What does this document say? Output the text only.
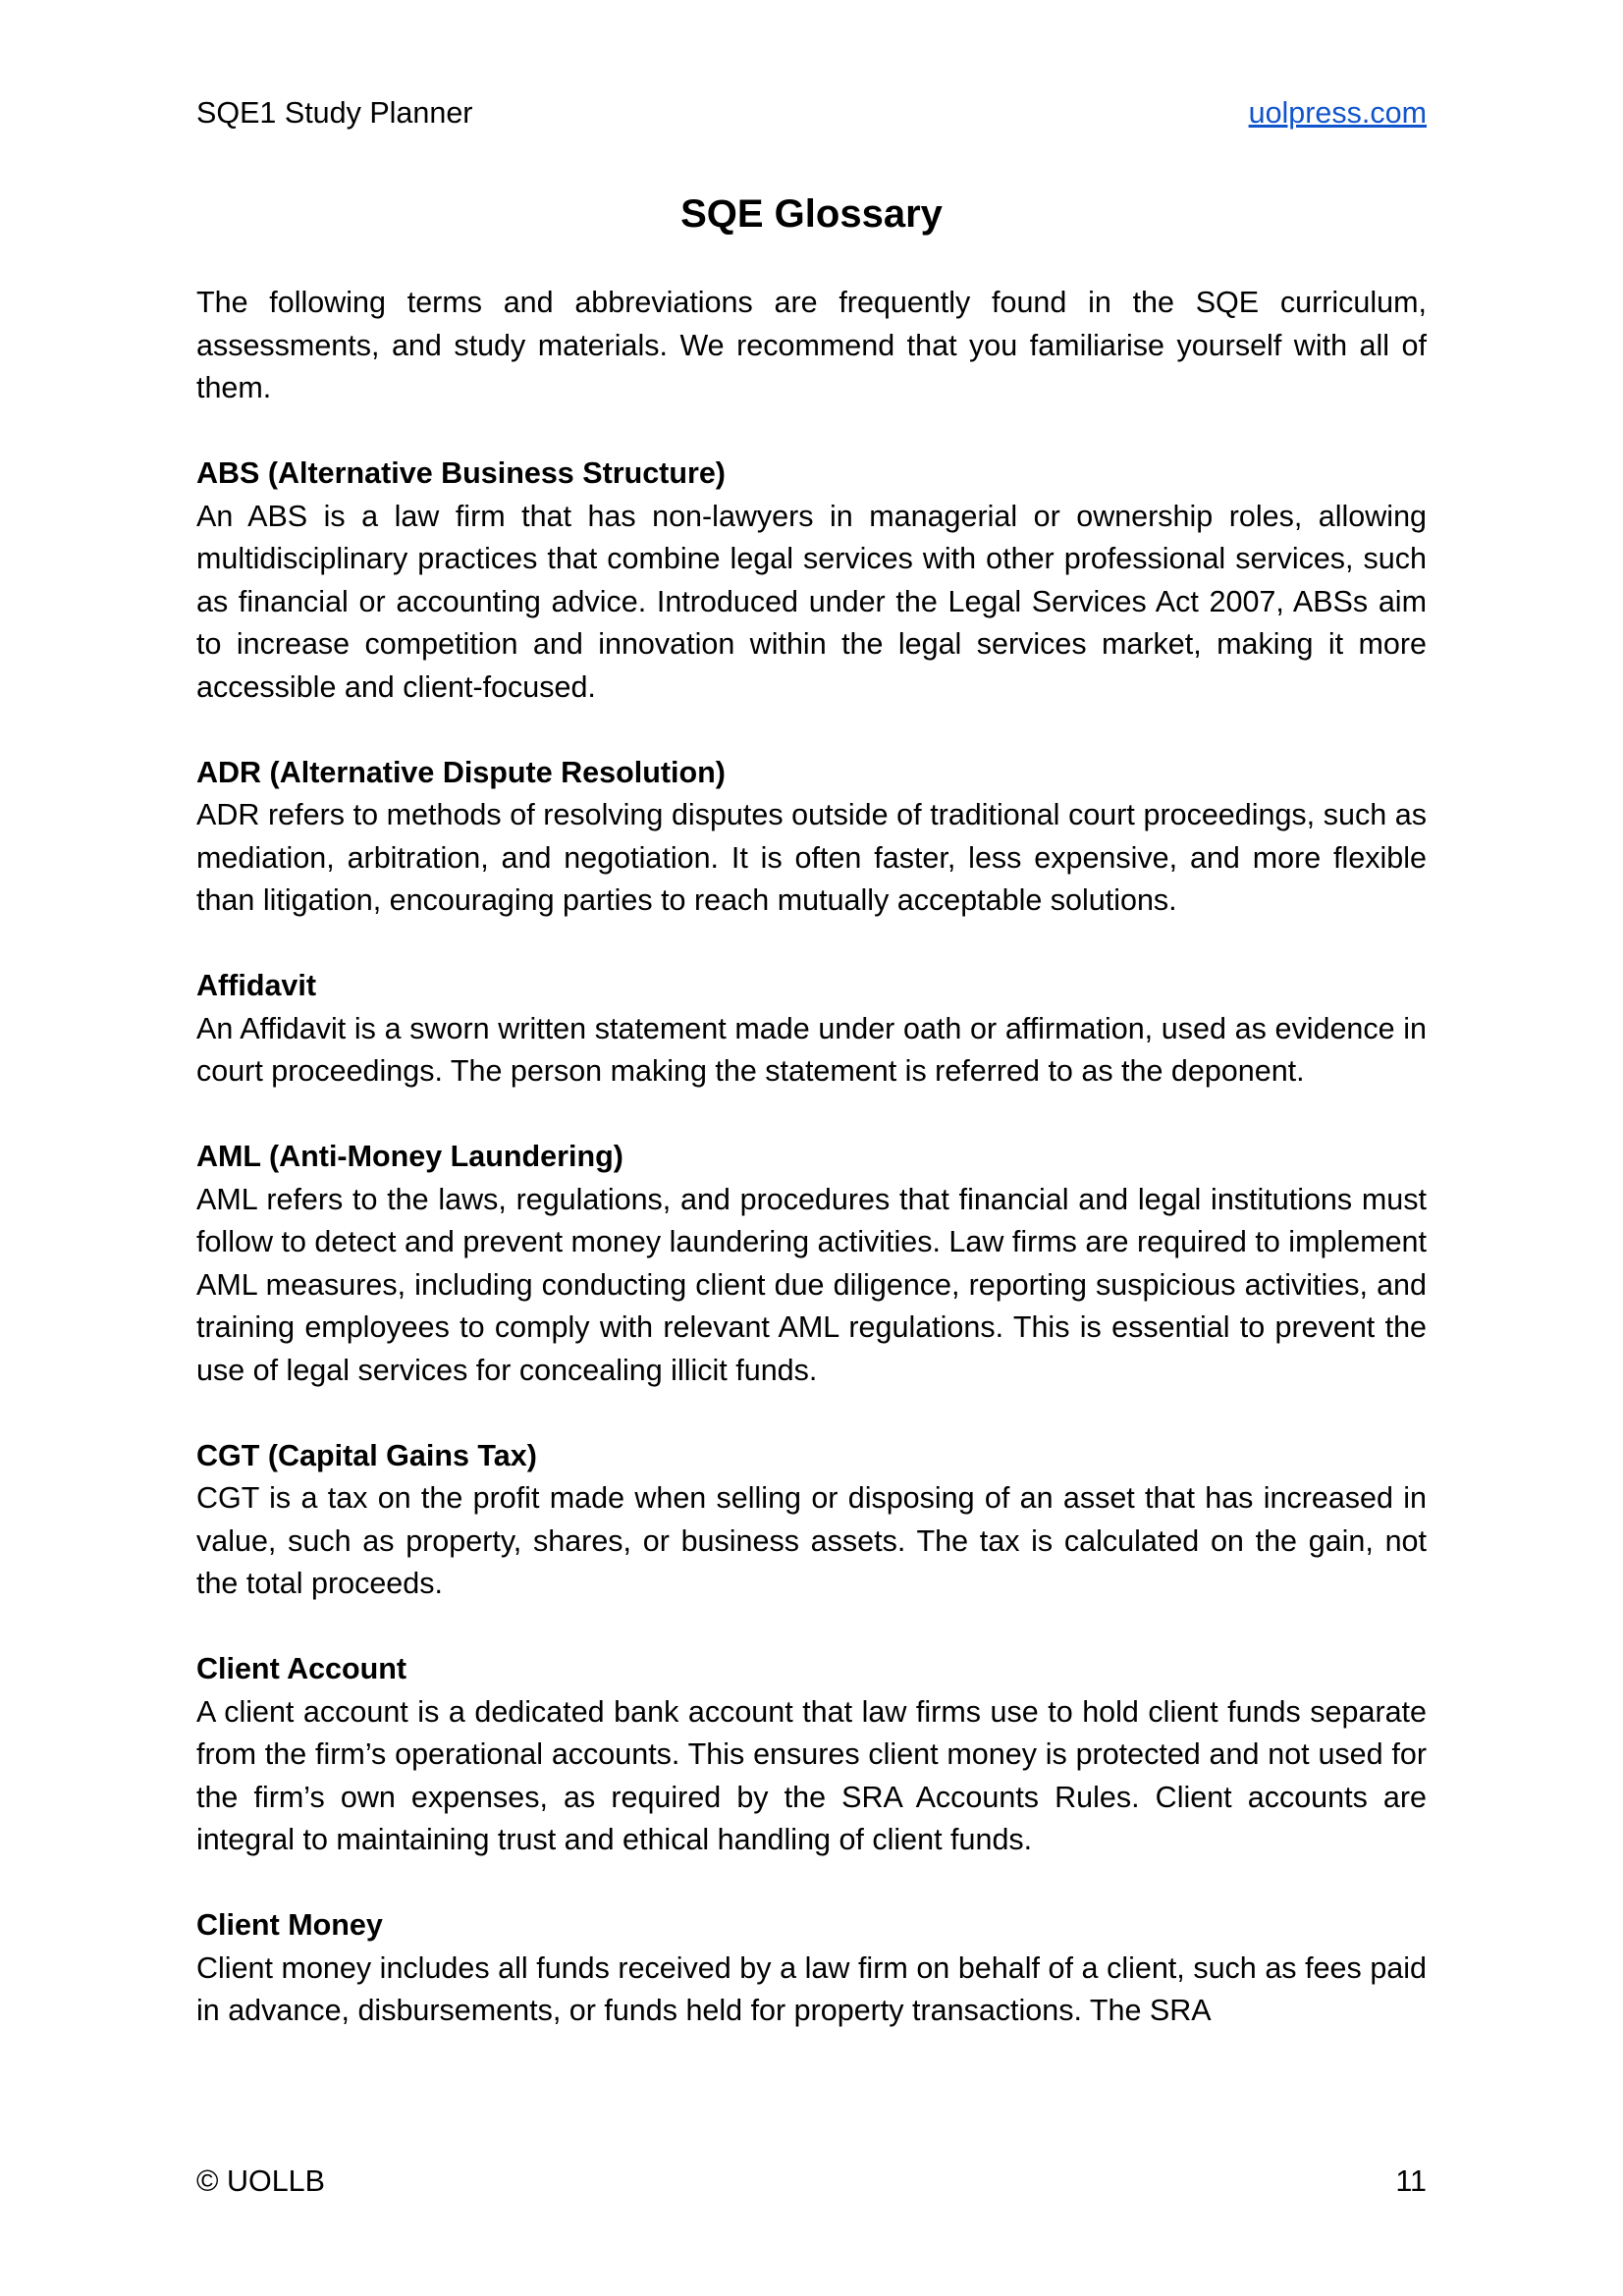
SQE1 Study Planner	uolpress.com
SQE Glossary

The following terms and abbreviations are frequently found in the SQE curriculum, assessments, and study materials. We recommend that you familiarise yourself with all of them.

ABS (Alternative Business Structure)

An ABS is a law firm that has non-lawyers in managerial or ownership roles, allowing multidisciplinary practices that combine legal services with other professional services, such as financial or accounting advice. Introduced under the Legal Services Act 2007, ABSs aim to increase competition and innovation within the legal services market, making it more accessible and client-focused.

ADR (Alternative Dispute Resolution)

ADR refers to methods of resolving disputes outside of traditional court proceedings, such as mediation, arbitration, and negotiation. It is often faster, less expensive, and more flexible than litigation, encouraging parties to reach mutually acceptable solutions.

Affidavit

An Affidavit is a sworn written statement made under oath or affirmation, used as evidence in court proceedings. The person making the statement is referred to as the deponent.

AML (Anti-Money Laundering)

AML refers to the laws, regulations, and procedures that financial and legal institutions must follow to detect and prevent money laundering activities. Law firms are required to implement AML measures, including conducting client due diligence, reporting suspicious activities, and training employees to comply with relevant AML regulations. This is essential to prevent the use of legal services for concealing illicit funds.

CGT (Capital Gains Tax)

CGT is a tax on the profit made when selling or disposing of an asset that has increased in value, such as property, shares, or business assets. The tax is calculated on the gain, not the total proceeds.

Client Account

A client account is a dedicated bank account that law firms use to hold client funds separate from the firm’s operational accounts. This ensures client money is protected and not used for the firm’s own expenses, as required by the SRA Accounts Rules. Client accounts are integral to maintaining trust and ethical handling of client funds.

Client Money

Client money includes all funds received by a law firm on behalf of a client, such as fees paid in advance, disbursements, or funds held for property transactions. The SRA

© UOLLB	11
